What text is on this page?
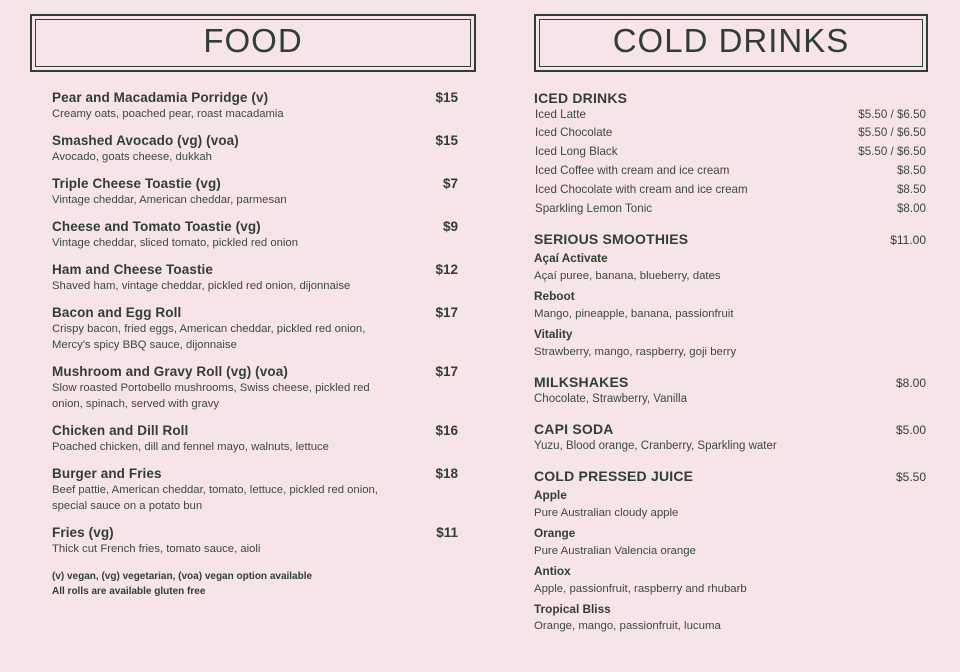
FOOD
Pear and Macadamia Porridge (v)	$15
Creamy oats, poached pear, roast macadamia
Smashed Avocado (vg) (voa)	$15
Avocado, goats cheese, dukkah
Triple Cheese Toastie (vg)	$7
Vintage cheddar, American cheddar, parmesan
Cheese and Tomato Toastie (vg)	$9
Vintage cheddar, sliced tomato, pickled red onion
Ham and Cheese Toastie	$12
Shaved ham, vintage cheddar, pickled red onion, dijonnaise
Bacon and Egg Roll	$17
Crispy bacon, fried eggs, American cheddar, pickled red onion, Mercy's spicy BBQ sauce, dijonnaise
Mushroom and Gravy Roll (vg) (voa)	$17
Slow roasted Portobello mushrooms, Swiss cheese, pickled red onion, spinach, served with gravy
Chicken and Dill Roll	$16
Poached chicken, dill and fennel mayo, walnuts, lettuce
Burger and Fries	$18
Beef pattie, American cheddar, tomato, lettuce, pickled red onion, special sauce on a potato bun
Fries (vg)	$11
Thick cut French fries, tomato sauce, aioli
(v) vegan, (vg) vegetarian, (voa) vegan option available
All rolls are available gluten free
COLD DRINKS
ICED DRINKS
Iced Latte	$5.50 / $6.50
Iced Chocolate	$5.50 / $6.50
Iced Long Black	$5.50 / $6.50
Iced Coffee with cream and ice cream	$8.50
Iced Chocolate with cream and ice cream	$8.50
Sparkling Lemon Tonic	$8.00
SERIOUS SMOOTHIES	$11.00
Açaí Activate
Açaí puree, banana, blueberry, dates
Reboot
Mango, pineapple, banana, passionfruit
Vitality
Strawberry, mango, raspberry, goji berry
MILKSHAKES	$8.00
Chocolate, Strawberry, Vanilla
CAPI SODA	$5.00
Yuzu, Blood orange, Cranberry, Sparkling water
COLD PRESSED JUICE	$5.50
Apple
Pure Australian cloudy apple
Orange
Pure Australian Valencia orange
Antiox
Apple, passionfruit, raspberry and rhubarb
Tropical Bliss
Orange, mango, passionfruit, lucuma
